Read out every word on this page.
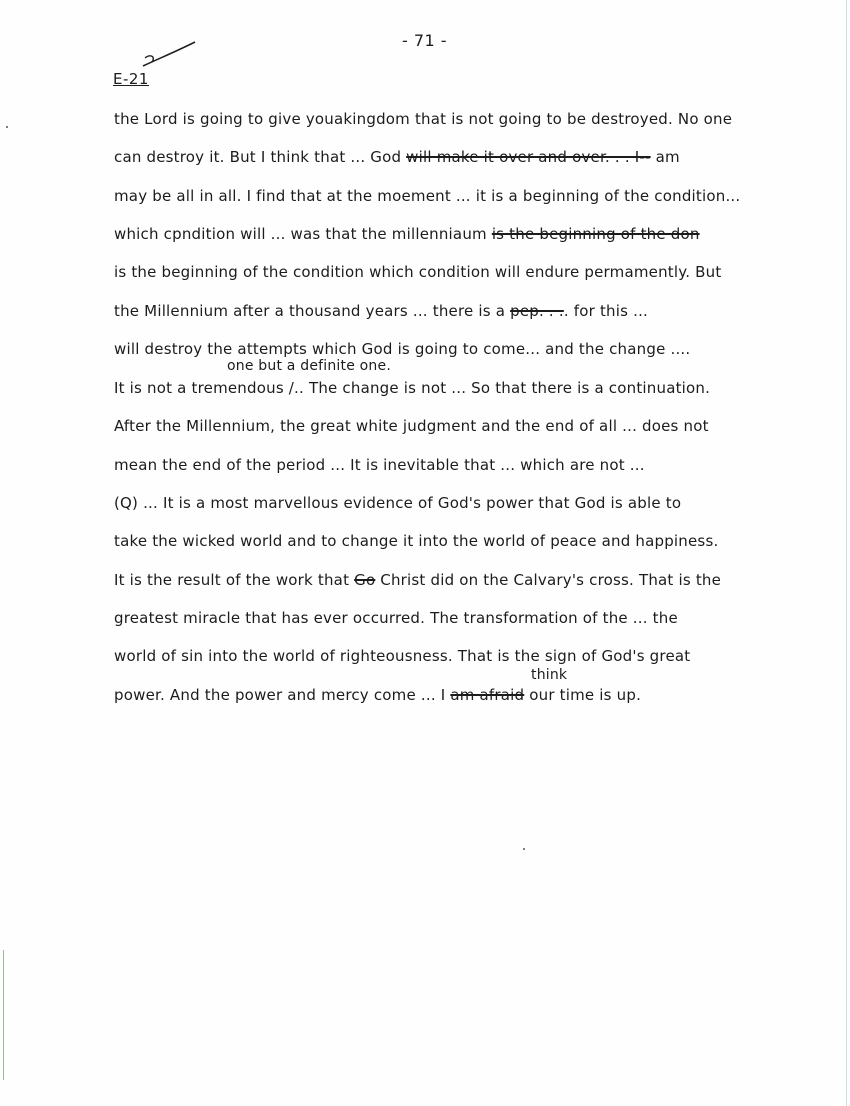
- 71 -
E-21
the Lord is going to give youakingdom that is not going to be destroyed. No one
can destroy it. But I think that ... God will make it over and over. . . I-- am
may be all in all. I find that at the moement ... it is a beginning of the condition...
which cpndition will ... was that the millenniaum is the beginning of the don
is the beginning of the condition which condition will endure permamently. But
the Millennium after a thousand years ... there is a pep. . .. for this ...
will destroy the attempts which God is going to come... and the change ....
one but a definite one.
It is not a tremendous /.. The change is not ... So that there is a continuation.
After the Millennium, the great white judgment and the end of all ... does not
mean the end of the period ... It is inevitable that ... which are not ...
(Q) ... It is a most marvellous evidence of God's power that God is able to
take the wicked world and to change it into the world of peace and happiness.
It is the result of the work that Go Christ did on the Calvary's cross. That is the
greatest miracle that has ever occurred. The transformation of the ... the
world of sin into the world of righteousness. That is the sign of God's great
think
power. And the power and mercy come ... I am afraid our time is up.
